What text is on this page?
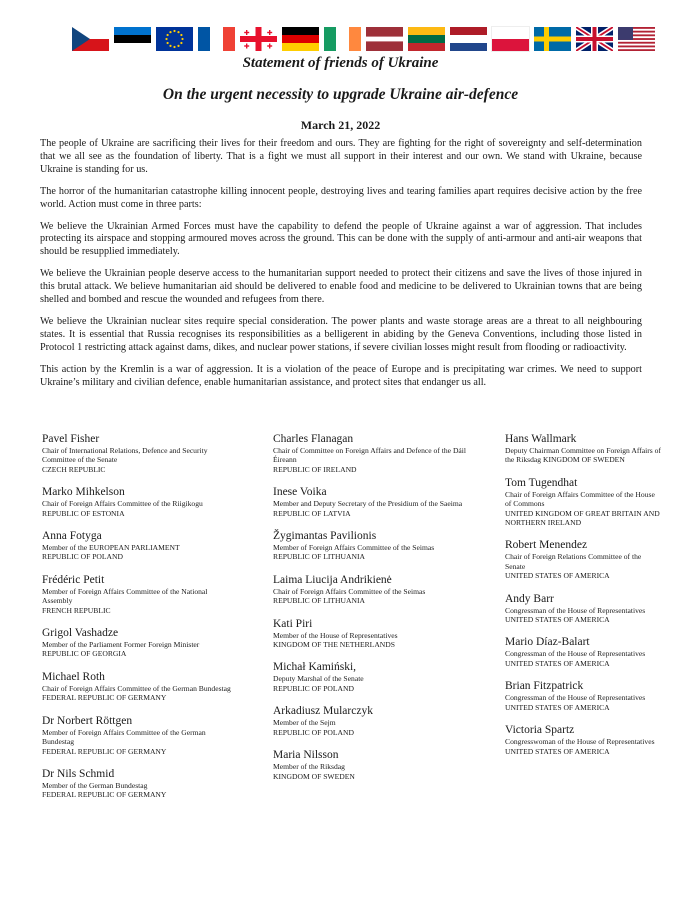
Statement of friends of Ukraine
On the urgent necessity to upgrade Ukraine air-defence
March 21, 2022

The people of Ukraine are sacrificing their lives for their freedom and ours. They are fighting for the right of sovereignty and self-determination that we all see as the foundation of liberty. That is a fight we must all support in their interest and our own. We stand with Ukraine, because Ukraine is standing for us.

The horror of the humanitarian catastrophe killing innocent people, destroying lives and tearing families apart requires decisive action by the free world. Action must come in three parts:

We believe the Ukrainian Armed Forces must have the capability to defend the people of Ukraine against a war of aggression. That includes protecting its airspace and stopping armoured moves across the ground. This can be done with the supply of anti-armour and anti-air weapons that should be resupplied immediately.

We believe the Ukrainian people deserve access to the humanitarian support needed to protect their citizens and save the lives of those injured in this brutal attack. We believe humanitarian aid should be delivered to enable food and medicine to be delivered to Ukrainian towns that are being shelled and bombed and rescue the wounded and refugees from there.

We believe the Ukrainian nuclear sites require special consideration. The power plants and waste storage areas are a threat to all neighbouring states. It is essential that Russia recognises its responsibilities as a belligerent in abiding by the Geneva Conventions, including those listed in Protocol 1 restricting attack against dams, dikes, and nuclear power stations, if severe civilian losses might result from flooding or radioactivity.

This action by the Kremlin is a war of aggression. It is a violation of the peace of Europe and is precipitating war crimes. We need to support Ukraine’s military and civilian defence, enable humanitarian assistance, and protect sites that endanger us all.

Pavel Fisher
Chair of International Relations, Defence and Security Committee of the Senate
CZECH REPUBLIC
Marko Mihkelson
Chair of Foreign Affairs Committee of the Riigikogu
REPUBLIC OF ESTONIA
Anna Fotyga
Member of the EUROPEAN PARLIAMENT
REPUBLIC OF POLAND
Frédéric Petit
Member of Foreign Affairs Committee of the National Assembly
FRENCH REPUBLIC
Grigol Vashadze
Member of the Parliament Former Foreign Minister
REPUBLIC OF GEORGIA
Michael Roth
Chair of Foreign Affairs Committee of the German Bundestag
FEDERAL REPUBLIC OF GERMANY
Dr Norbert Röttgen
Member of Foreign Affairs Committee of the German Bundestag
FEDERAL REPUBLIC OF GERMANY
Dr Nils Schmid
Member of the German Bundestag
FEDERAL REPUBLIC OF GERMANY
Charles Flanagan
Chair of Committee on Foreign Affairs and Defence of the Dáil Éireann
REPUBLIC OF IRELAND
Inese Voika
Member and Deputy Secretary of the Presidium of the Saeima
REPUBLIC OF LATVIA
Žygimantas Pavilionis
Member of Foreign Affairs Committee of the Seimas
REPUBLIC OF LITHUANIA
Laima Liucija Andrikienė
Chair of Foreign Affairs Committee of the Seimas
REPUBLIC OF LITHUANIA
Kati Piri
Member of the House of Representatives
KINGDOM OF THE NETHERLANDS
Michał Kamiński,
Deputy Marshal of the Senate
REPUBLIC OF POLAND
Arkadiusz Mularczyk
Member of the Sejm
REPUBLIC OF POLAND
Maria Nilsson
Member of the Riksdag
KINGDOM OF SWEDEN
Hans Wallmark
Deputy Chairman Committee on Foreign Affairs of the Riksdag KINGDOM OF SWEDEN
Tom Tugendhat
Chair of Foreign Affairs Committee of the House of Commons
UNITED KINGDOM OF GREAT BRITAIN AND NORTHERN IRELAND
Robert Menendez
Chair of Foreign Relations Committee of the Senate
UNITED STATES OF AMERICA
Andy Barr
Congressman of the House of Representatives
UNITED STATES OF AMERICA
Mario Díaz-Balart
Congressman of the House of Representatives
UNITED STATES OF AMERICA
Brian Fitzpatrick
Congressman of the House of Representatives
UNITED STATES OF AMERICA
Victoria Spartz
Congresswoman of the House of Representatives
UNITED STATES OF AMERICA
